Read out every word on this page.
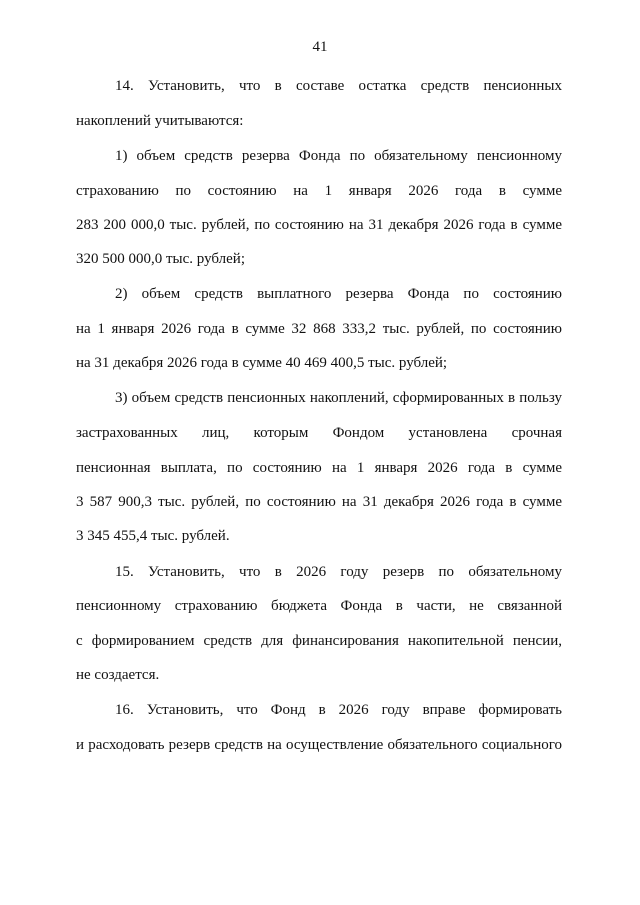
41
14. Установить, что в составе остатка средств пенсионных
накоплений учитываются:
1) объем средств резерва Фонда по обязательному пенсионному
страхованию по состоянию на 1 января 2026 года в сумме
283 200 000,0 тыс. рублей, по состоянию на 31 декабря 2026 года в сумме
320 500 000,0 тыс. рублей;
2) объем средств выплатного резерва Фонда по состоянию
на 1 января 2026 года в сумме 32 868 333,2 тыс. рублей, по состоянию
на 31 декабря 2026 года в сумме 40 469 400,5 тыс. рублей;
3) объем средств пенсионных накоплений, сформированных в пользу
застрахованных лиц, которым Фондом установлена срочная
пенсионная выплата, по состоянию на 1 января 2026 года в сумме
3 587 900,3 тыс. рублей, по состоянию на 31 декабря 2026 года в сумме
3 345 455,4 тыс. рублей.
15. Установить, что в 2026 году резерв по обязательному
пенсионному страхованию бюджета Фонда в части, не связанной
с формированием средств для финансирования накопительной пенсии,
не создается.
16. Установить, что Фонд в 2026 году вправе формировать
и расходовать резерв средств на осуществление обязательного социального
